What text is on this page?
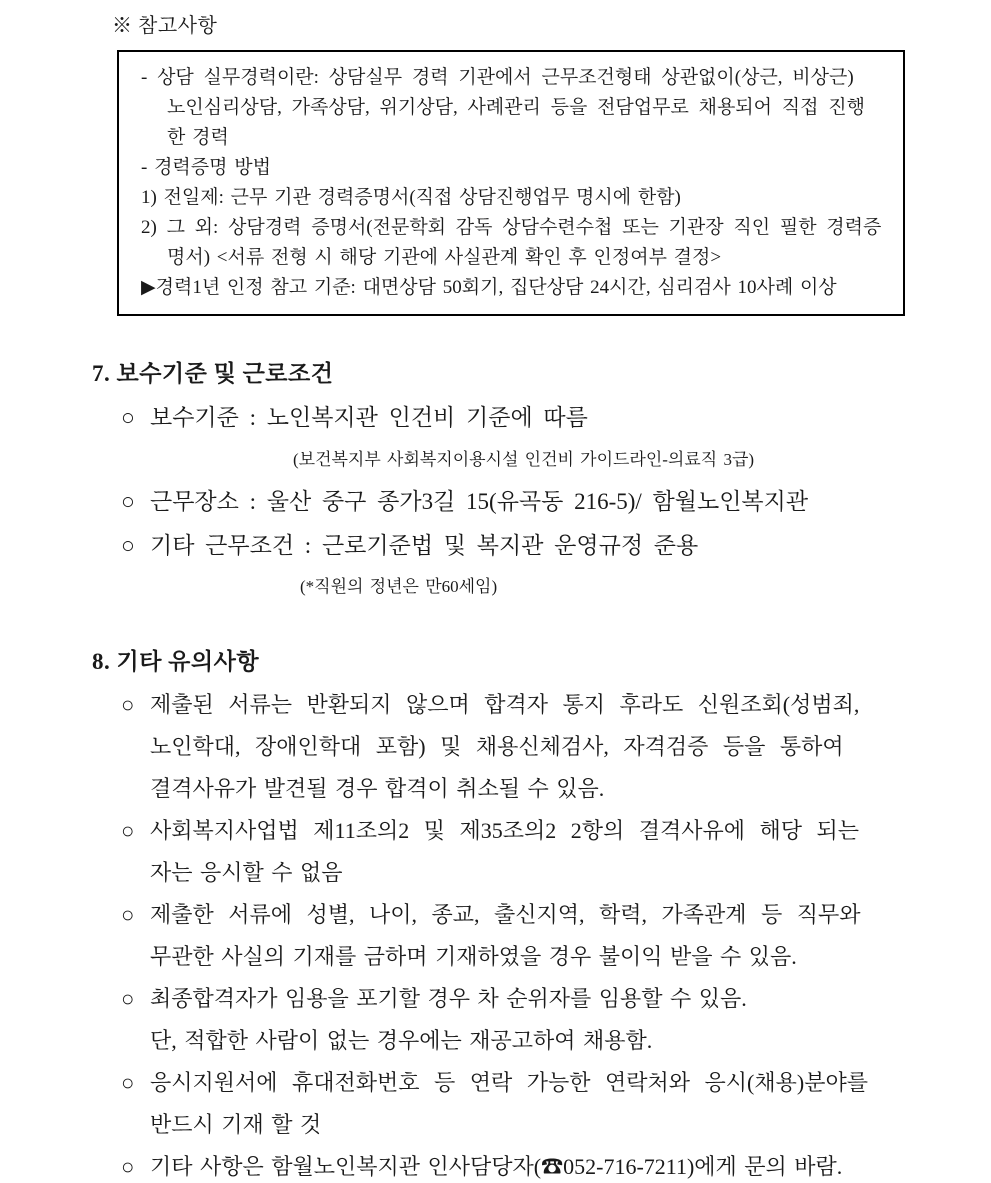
※ 참고사항
- 상담 실무경력이란: 상담실무 경력 기관에서 근무조건형태 상관없이(상근, 비상근)
노인심리상담, 가족상담, 위기상담, 사례관리 등을 전담업무로 채용되어 직접 진행
한 경력
- 경력증명 방법
1) 전일제: 근무 기관 경력증명서(직접 상담진행업무 명시에 한함)
2) 그 외: 상담경력 증명서(전문학회 감독 상담수련수첩 또는 기관장 직인 필한 경력증
명서) <서류 전형 시 해당 기관에 사실관계 확인 후 인정여부 결정>
▶경력1년 인정 참고 기준: 대면상담 50회기, 집단상담 24시간, 심리검사 10사례 이상
7. 보수기준 및 근로조건
○ 보수기준 : 노인복지관 인건비 기준에 따름
(보건복지부 사회복지이용시설 인건비 가이드라인-의료직 3급)
○ 근무장소 : 울산 중구 종가3길 15(유곡동 216-5)/ 함월노인복지관
○ 기타 근무조건 : 근로기준법 및 복지관 운영규정 준용
(*직원의 정년은 만60세임)
8. 기타 유의사항
○ 제출된 서류는 반환되지 않으며 합격자 통지 후라도 신원조회(성범죄,
노인학대, 장애인학대 포함) 및 채용신체검사, 자격검증 등을 통하여
결격사유가 발견될 경우 합격이 취소될 수 있음.
○ 사회복지사업법 제11조의2 및 제35조의2 2항의 결격사유에 해당 되는
자는 응시할 수 없음
○ 제출한 서류에 성별, 나이, 종교, 출신지역, 학력, 가족관계 등 직무와
무관한 사실의 기재를 금하며 기재하였을 경우 불이익 받을 수 있음.
○ 최종합격자가 임용을 포기할 경우 차 순위자를 임용할 수 있음.
단, 적합한 사람이 없는 경우에는 재공고하여 채용함.
○ 응시지원서에 휴대전화번호 등 연락 가능한 연락처와 응시(채용)분야를
반드시 기재 할 것
○ 기타 사항은 함월노인복지관 인사담당자(☎052-716-7211)에게 문의 바람.
